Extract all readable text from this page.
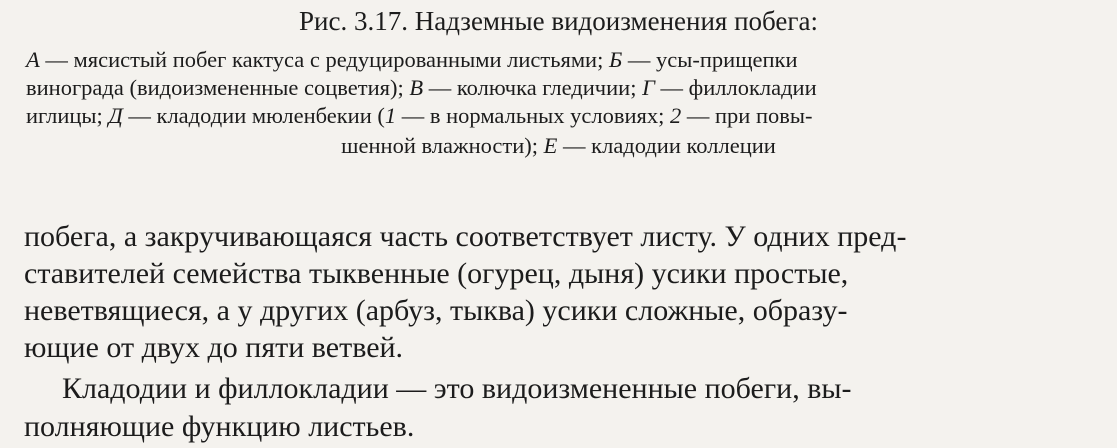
Рис. 3.17. Надземные видоизменения побега:
А — мясистый побег кактуса с редуцированными листьями; Б — усы-прищепки
винограда (видоизмененные соцветия); В — колючка гледичии; Г — филлокладии
иглицы; Д — кладодии мюленбекии (1 — в нормальных условиях; 2 — при повы-
шенной влажности); Е — кладодии коллеции
побега, а закручивающаяся часть соответствует листу. У одних пред-
ставителей семейства тыквенные (огурец, дыня) усики простые,
неветвящиеся, а у других (арбуз, тыква) усики сложные, образу-
ющие от двух до пяти ветвей.
Кладодии и филлокладии — это видоизмененные побеги, вы-
полняющие функцию листьев.
